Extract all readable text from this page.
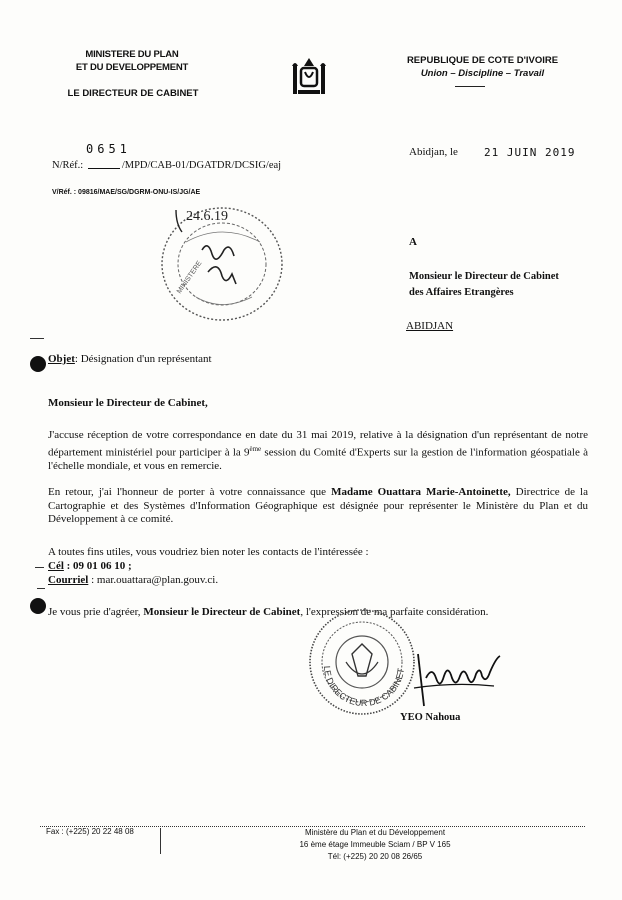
MINISTERE DU PLAN
ET DU DEVELOPPEMENT
LE DIRECTEUR DE CABINET
REPUBLIQUE DE COTE D'IVOIRE
Union – Discipline – Travail
0651
N/Réf.:	/MPD/CAB-01/DGATDR/DCSIG/eaj
V/Réf. : 09816/MAE/SG/DGRM-ONU-IS/JG/AE
Abidjan, le 21 JUIN 2019
MINISTERE
24.6.19
A
Monsieur le Directeur de Cabinet
des Affaires Etrangères
ABIDJAN
Objet: Désignation d'un représentant
Monsieur le Directeur de Cabinet,
J'accuse réception de votre correspondance en date du 31 mai 2019, relative à la désignation d'un représentant de notre département ministériel pour participer à la 9ème session du Comité d'Experts sur la gestion de l'information géospatiale à l'échelle mondiale, et vous en remercie.
En retour, j'ai l'honneur de porter à votre connaissance que Madame Ouattara Marie-Antoinette, Directrice de la Cartographie et des Systèmes d'Information Géographique est désignée pour représenter le Ministère du Plan et du Développement à ce comité.
A toutes fins utiles, vous voudriez bien noter les contacts de l'intéressée :
Cél : 09 01 06 10 ;
Courriel : mar.ouattara@plan.gouv.ci.
Je vous prie d'agréer, Monsieur le Directeur de Cabinet, l'expression de ma parfaite considération.
LE DIRECTEUR DE CABINET
YEO Nahoua
Fax : (+225) 20 22 48 08	Ministère du Plan et du Développement
16 ème étage Immeuble Sciam / BP V 165
Tél: (+225) 20 20 08 26/65
